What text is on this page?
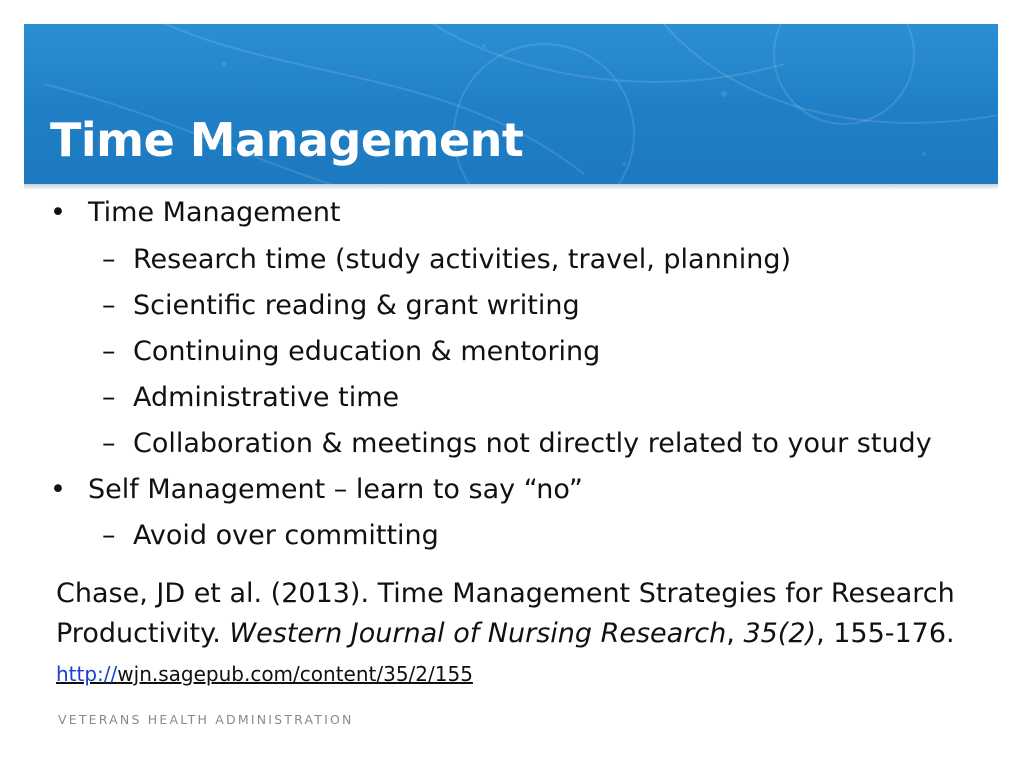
Time Management
• Time Management
– Research time (study activities, travel, planning)
– Scientific reading & grant writing
– Continuing education & mentoring
– Administrative time
– Collaboration & meetings not directly related to your study
• Self Management – learn to say “no”
– Avoid over committing
Chase, JD et al. (2013). Time Management Strategies for Research Productivity. Western Journal of Nursing Research, 35(2), 155-176.
http://wjn.sagepub.com/content/35/2/155
VETERANS HEALTH ADMINISTRATION
